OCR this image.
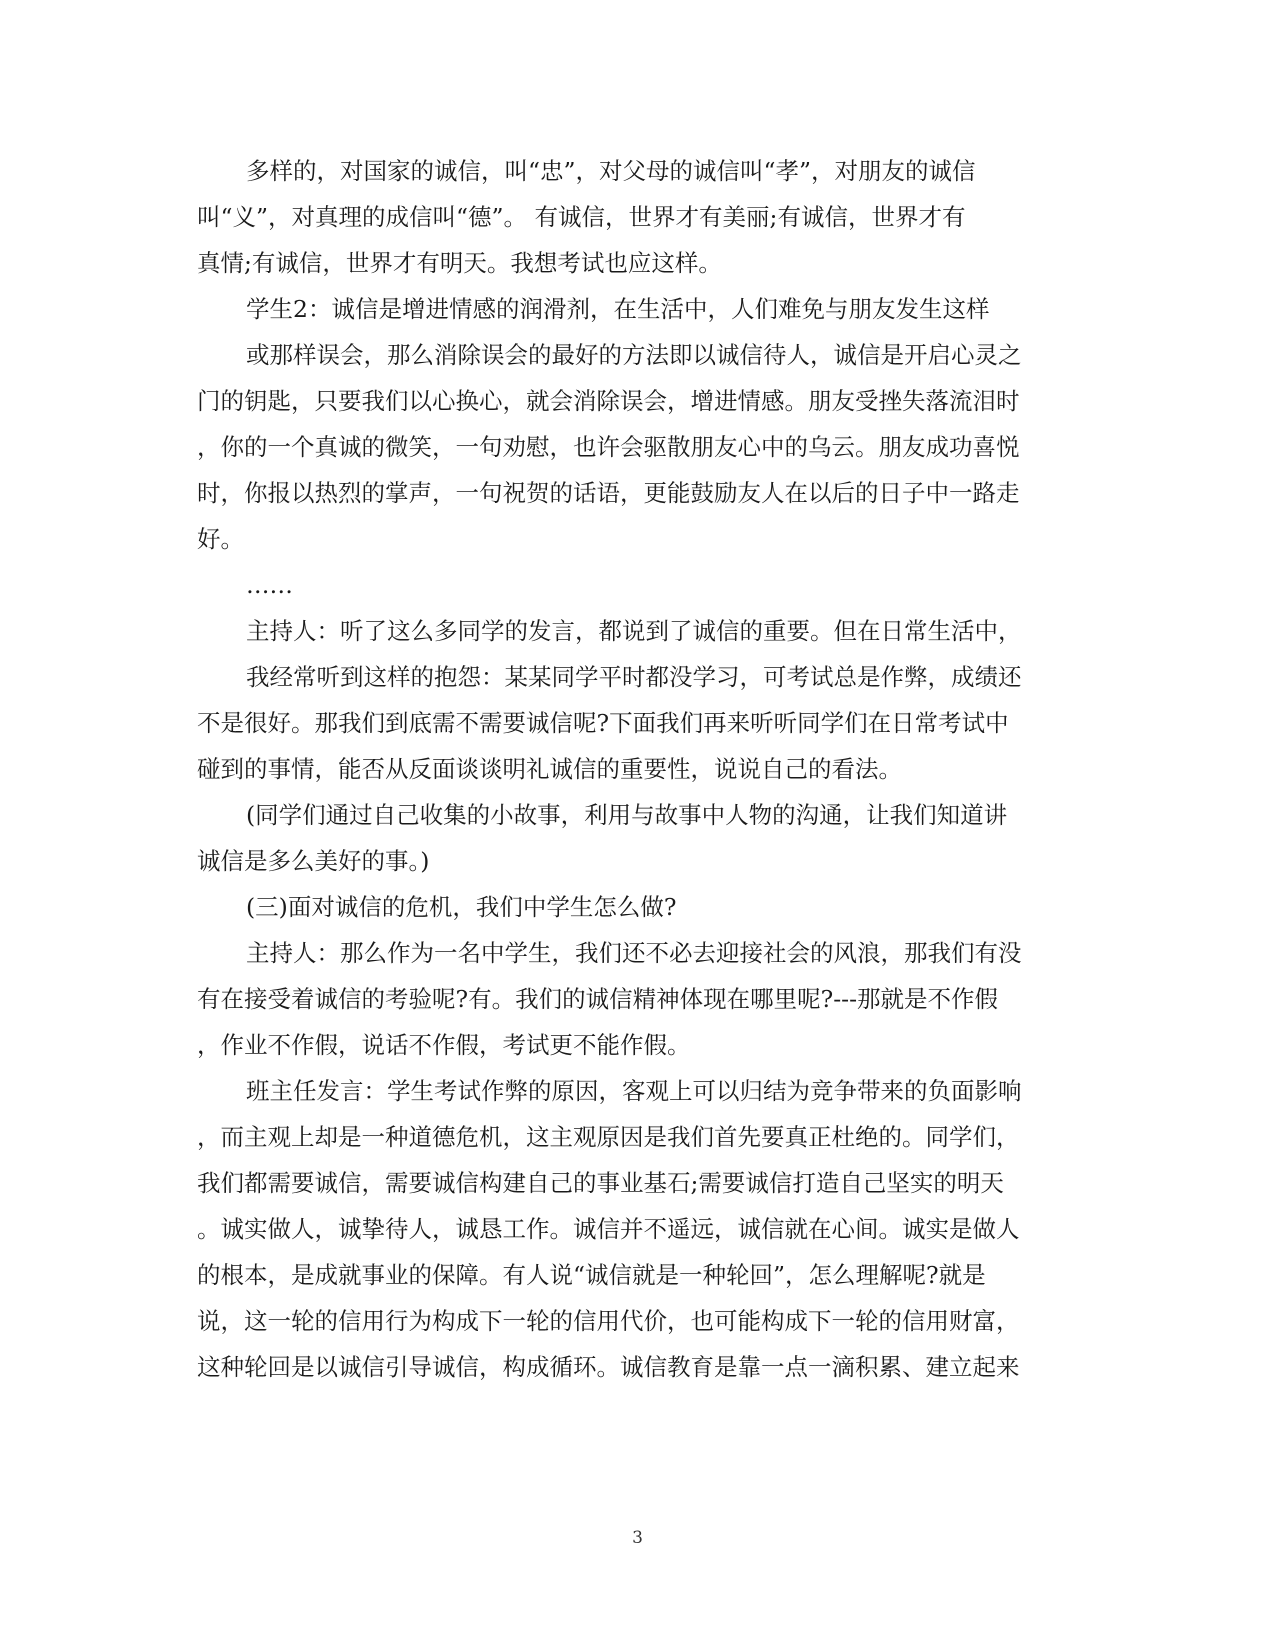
多样的，对国家的诚信，叫“忠”，对父母的诚信叫“孝”，对朋友的诚信
叫“义”，对真理的成信叫“德”。 有诚信，世界才有美丽;有诚信，世界才有
真情;有诚信，世界才有明天。我想考试也应这样。
学生2：诚信是增进情感的润滑剂，在生活中，人们难免与朋友发生这样
或那样误会，那么消除误会的最好的方法即以诚信待人，诚信是开启心灵之
门的钥匙，只要我们以心换心，就会消除误会，增进情感。朋友受挫失落流泪时
，你的一个真诚的微笑，一句劝慰，也许会驱散朋友心中的乌云。朋友成功喜悦
时，你报以热烈的掌声，一句祝贺的话语，更能鼓励友人在以后的日子中一路走
好。
……
主持人：听了这么多同学的发言，都说到了诚信的重要。但在日常生活中，
我经常听到这样的抱怨：某某同学平时都没学习，可考试总是作弊，成绩还
不是很好。那我们到底需不需要诚信呢?下面我们再来听听同学们在日常考试中
碰到的事情，能否从反面谈谈明礼诚信的重要性，说说自己的看法。
(同学们通过自己收集的小故事，利用与故事中人物的沟通，让我们知道讲
诚信是多么美好的事。)
(三)面对诚信的危机，我们中学生怎么做?
主持人：那么作为一名中学生，我们还不必去迎接社会的风浪，那我们有没
有在接受着诚信的考验呢?有。我们的诚信精神体现在哪里呢?---那就是不作假
，作业不作假，说话不作假，考试更不能作假。
班主任发言：学生考试作弊的原因，客观上可以归结为竞争带来的负面影响
，而主观上却是一种道德危机，这主观原因是我们首先要真正杜绝的。同学们，
我们都需要诚信，需要诚信构建自己的事业基石;需要诚信打造自己坚实的明天
。诚实做人，诚挚待人，诚恳工作。诚信并不遥远，诚信就在心间。诚实是做人
的根本，是成就事业的保障。有人说“诚信就是一种轮回”，怎么理解呢?就是
说，这一轮的信用行为构成下一轮的信用代价，也可能构成下一轮的信用财富，
这种轮回是以诚信引导诚信，构成循环。诚信教育是靠一点一滴积累、建立起来
3
